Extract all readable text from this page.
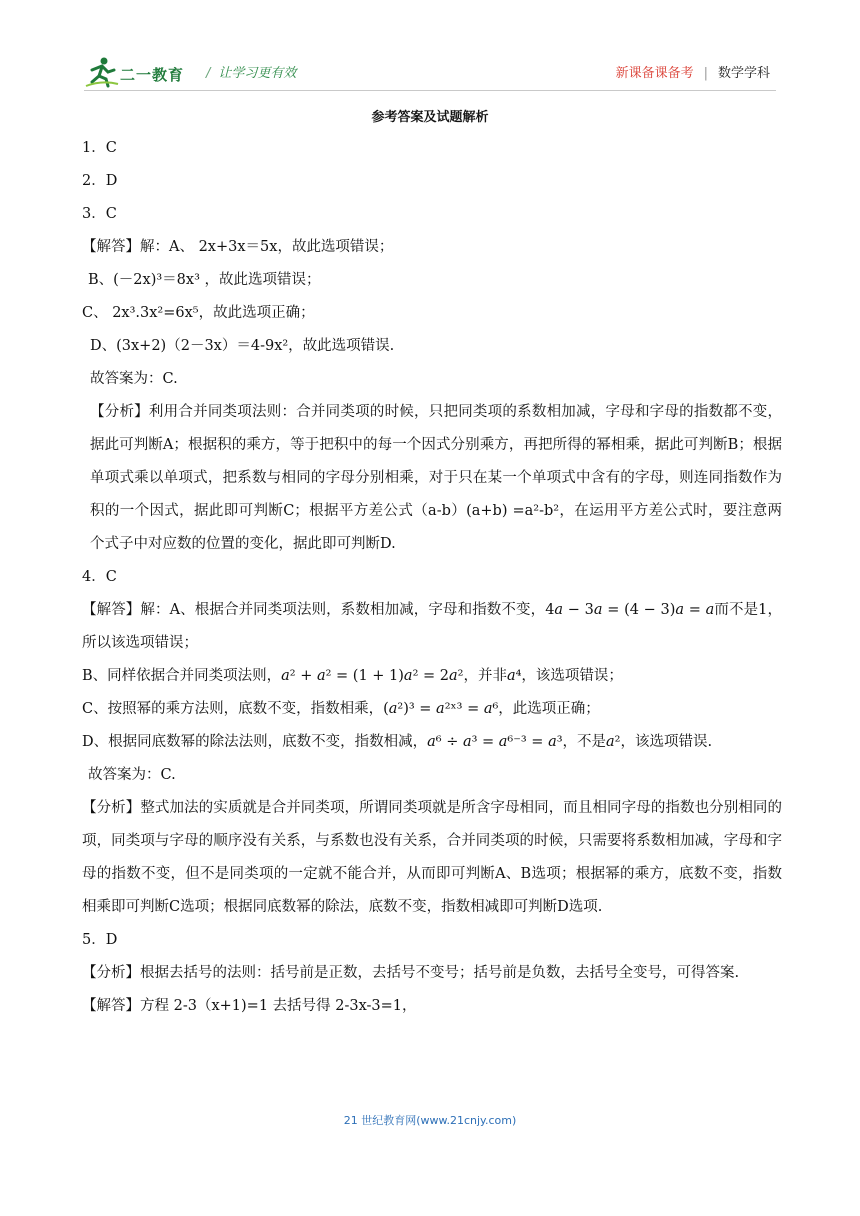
二一教育 / 让学习更有效	新课备课备考 | 数学学科
参考答案及试题解析

1．C

2．D

3．C

【解答】解：A、 2x+3x＝5x，故此选项错误；

B、(－2x)³＝8x³ ，故此选项错误；

C、 2x³.3x²=6x⁵，故此选项正确；

D、(3x+2)（2－3x）＝4-9x²，故此选项错误.

故答案为：C.

【分析】利用合并同类项法则：合并同类项的时候，只把同类项的系数相加减，字母和字母的指数都不变，据此可判断A；根据积的乘方，等于把积中的每一个因式分别乘方，再把所得的幂相乘，据此可判断B；根据单项式乘以单项式，把系数与相同的字母分别相乘，对于只在某一个单项式中含有的字母，则连同指数作为积的一个因式，据此即可判断C；根据平方差公式（a-b）(a+b) =a²-b²，在运用平方差公式时，要注意两个式子中对应数的位置的变化，据此即可判断D.

4．C

【解答】解：A、根据合并同类项法则，系数相加减，字母和指数不变，4𝑎 − 3𝑎 = (4 − 3)𝑎 = 𝑎而不是1，所以该选项错误；

B、同样依据合并同类项法则，𝑎² + 𝑎² = (1 + 1)𝑎² = 2𝑎²，并非𝑎⁴，该选项错误；

C、按照幂的乘方法则，底数不变，指数相乘，(𝑎²)³ = 𝑎²ˣ³ = 𝑎⁶，此选项正确；

D、根据同底数幂的除法法则，底数不变，指数相减，𝑎⁶ ÷ 𝑎³ = 𝑎⁶⁻³ = 𝑎³，不是𝑎²，该选项错误.

故答案为：C.

【分析】整式加法的实质就是合并同类项，所谓同类项就是所含字母相同，而且相同字母的指数也分别相同的项，同类项与字母的顺序没有关系，与系数也没有关系，合并同类项的时候，只需要将系数相加减，字母和字母的指数不变，但不是同类项的一定就不能合并，从而即可判断A、B选项；根据幂的乘方，底数不变，指数相乘即可判断C选项；根据同底数幂的除法，底数不变，指数相减即可判断D选项.

5．D

【分析】根据去括号的法则：括号前是正数，去括号不变号；括号前是负数，去括号全变号，可得答案.

【解答】方程 2-3（x+1)=1 去括号得 2-3x-3=1，

21 世纪教育网(www.21cnjy.com)
